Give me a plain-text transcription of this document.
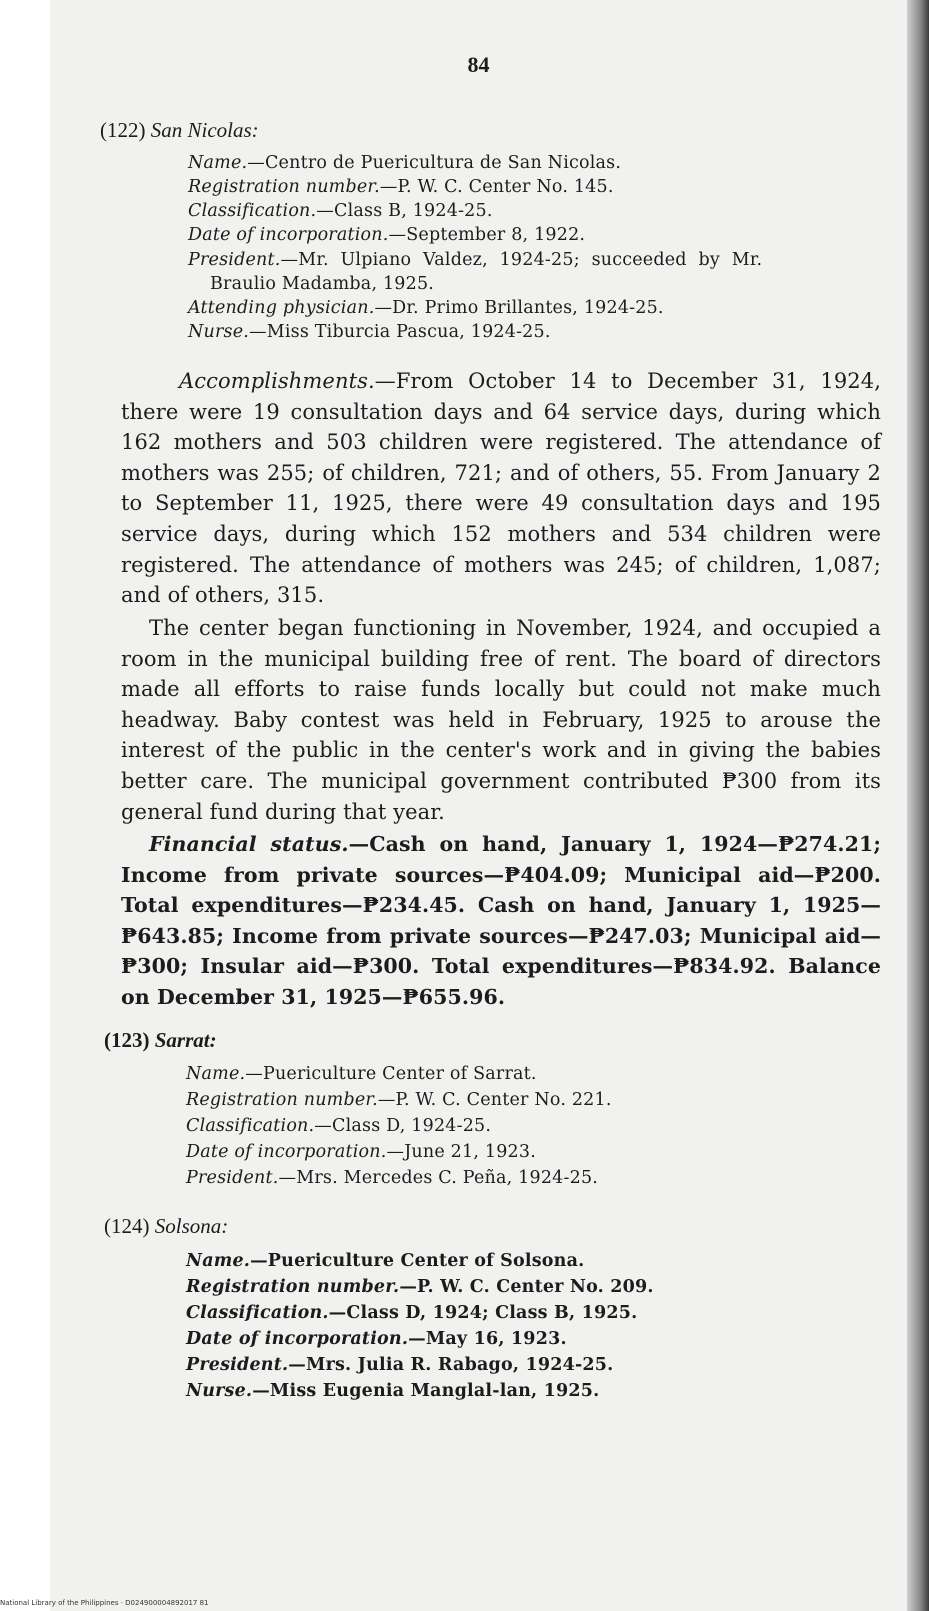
84
(122) San Nicolas:
Name.—Centro de Puericultura de San Nicolas.
Registration number.—P. W. C. Center No. 145.
Classification.—Class B, 1924-25.
Date of incorporation.—September 8, 1922.
President.—Mr. Ulpiano Valdez, 1924-25; succeeded by Mr.
Braulio Madamba, 1925.
Attending physician.—Dr. Primo Brillantes, 1924-25.
Nurse.—Miss Tiburcia Pascua, 1924-25.
Accomplishments.—From October 14 to December 31, 1924, there were 19 consultation days and 64 service days, during which 162 mothers and 503 children were registered. The attendance of mothers was 255; of children, 721; and of others, 55. From January 2 to September 11, 1925, there were 49 consultation days and 195 service days, during which 152 mothers and 534 children were registered. The attendance of mothers was 245; of children, 1,087; and of others, 315.
The center began functioning in November, 1924, and occupied a room in the municipal building free of rent. The board of directors made all efforts to raise funds locally but could not make much headway. Baby contest was held in February, 1925 to arouse the interest of the public in the center's work and in giving the babies better care. The municipal government contributed ₱300 from its general fund during that year.
Financial status.—Cash on hand, January 1, 1924—₱274.21; Income from private sources—₱404.09; Municipal aid—₱200. Total expenditures—₱234.45. Cash on hand, January 1, 1925—₱643.85; Income from private sources—₱247.03; Municipal aid—₱300; Insular aid—₱300. Total expenditures—₱834.92. Balance on December 31, 1925—₱655.96.
(123) Sarrat:
Name.—Puericulture Center of Sarrat.
Registration number.—P. W. C. Center No. 221.
Classification.—Class D, 1924-25.
Date of incorporation.—June 21, 1923.
President.—Mrs. Mercedes C. Peña, 1924-25.
(124) Solsona:
Name.—Puericulture Center of Solsona.
Registration number.—P. W. C. Center No. 209.
Classification.—Class D, 1924; Class B, 1925.
Date of incorporation.—May 16, 1923.
President.—Mrs. Julia R. Rabago, 1924-25.
Nurse.—Miss Eugenia Manglal-lan, 1925.
National Library of the Philippines · D024900004892017 81
